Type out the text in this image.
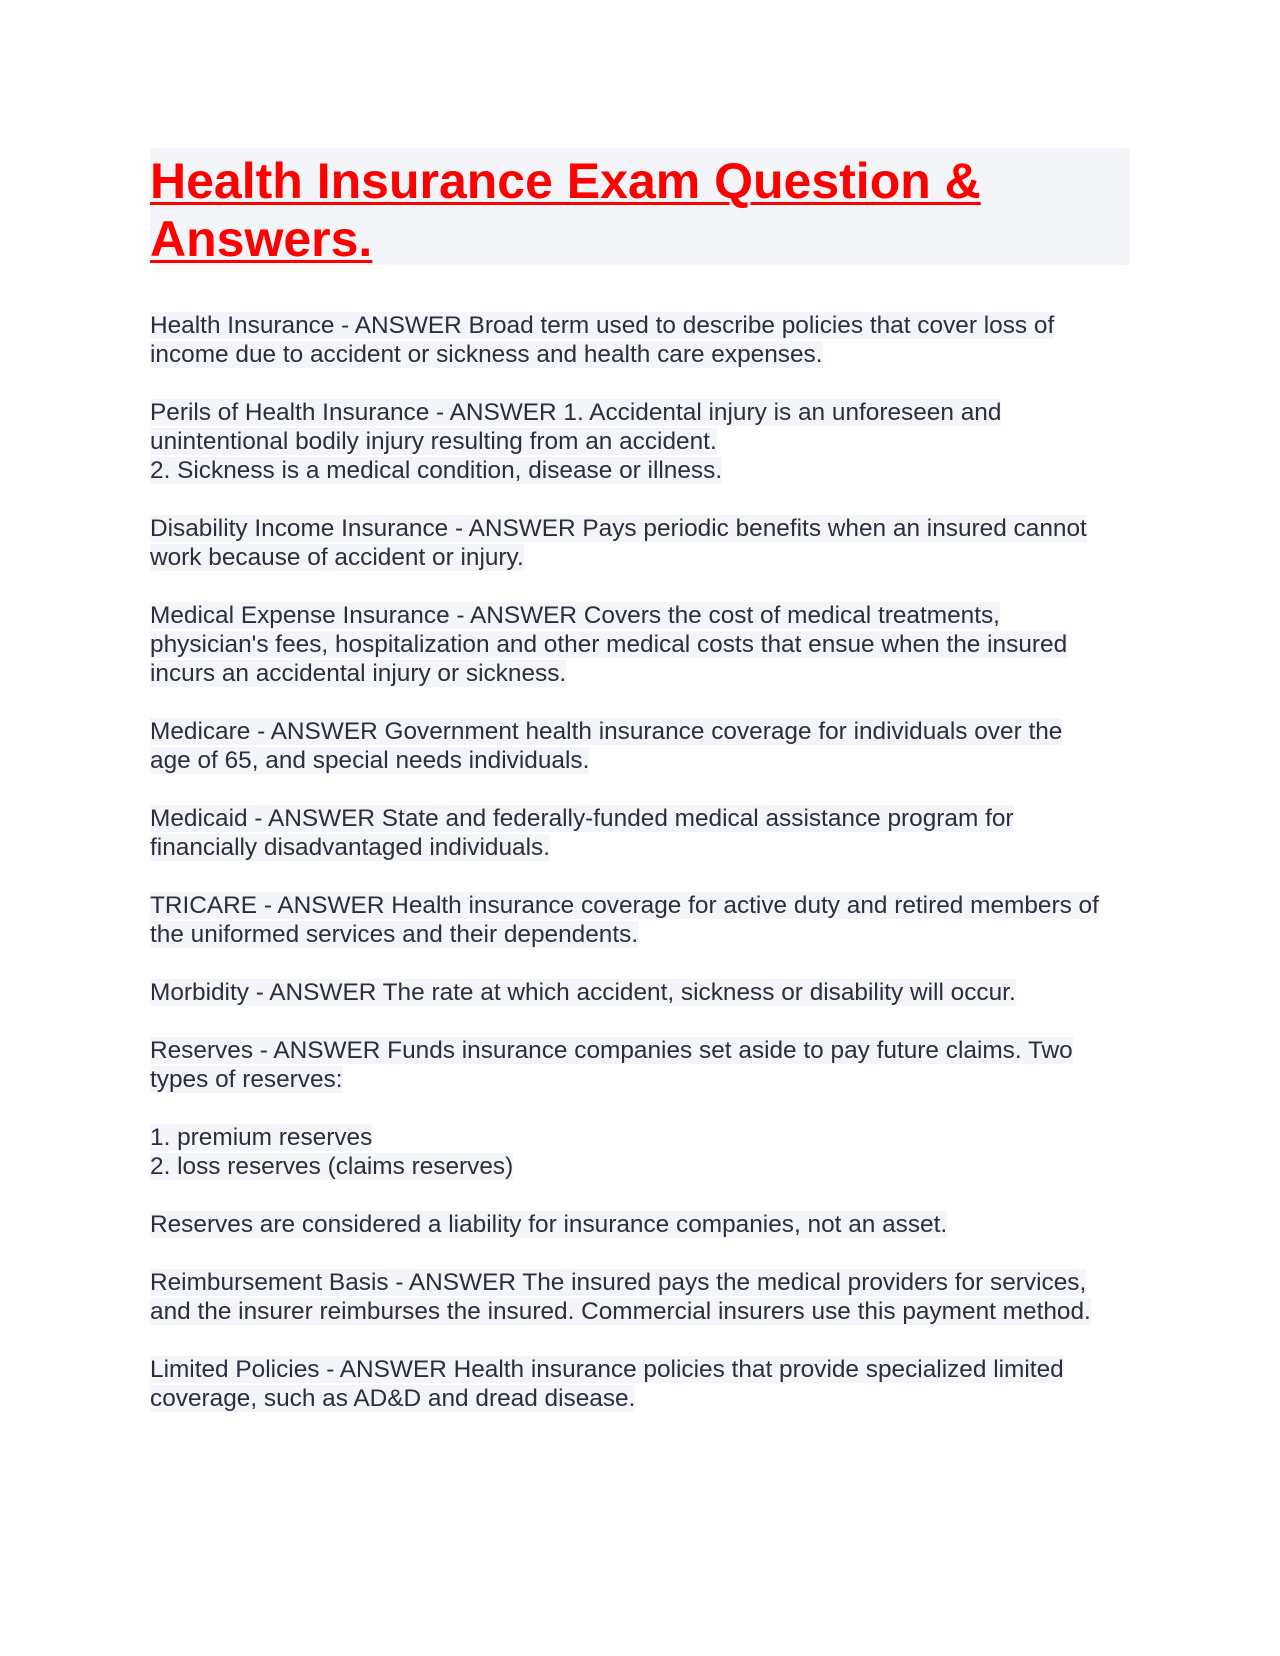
Health Insurance Exam Question &
Answers.
Health Insurance - ANSWER Broad term used to describe policies that cover loss of
income due to accident or sickness and health care expenses.
Perils of Health Insurance - ANSWER 1. Accidental injury is an unforeseen and
unintentional bodily injury resulting from an accident.
2. Sickness is a medical condition, disease or illness.
Disability Income Insurance - ANSWER Pays periodic benefits when an insured cannot
work because of accident or injury.
Medical Expense Insurance - ANSWER Covers the cost of medical treatments,
physician's fees, hospitalization and other medical costs that ensue when the insured
incurs an accidental injury or sickness.
Medicare - ANSWER Government health insurance coverage for individuals over the
age of 65, and special needs individuals.
Medicaid - ANSWER State and federally-funded medical assistance program for
financially disadvantaged individuals.
TRICARE - ANSWER Health insurance coverage for active duty and retired members of
the uniformed services and their dependents.
Morbidity - ANSWER The rate at which accident, sickness or disability will occur.
Reserves - ANSWER Funds insurance companies set aside to pay future claims. Two
types of reserves:
1. premium reserves
2. loss reserves (claims reserves)
Reserves are considered a liability for insurance companies, not an asset.
Reimbursement Basis - ANSWER The insured pays the medical providers for services,
and the insurer reimburses the insured. Commercial insurers use this payment method.
Limited Policies - ANSWER Health insurance policies that provide specialized limited
coverage, such as AD&D and dread disease.
